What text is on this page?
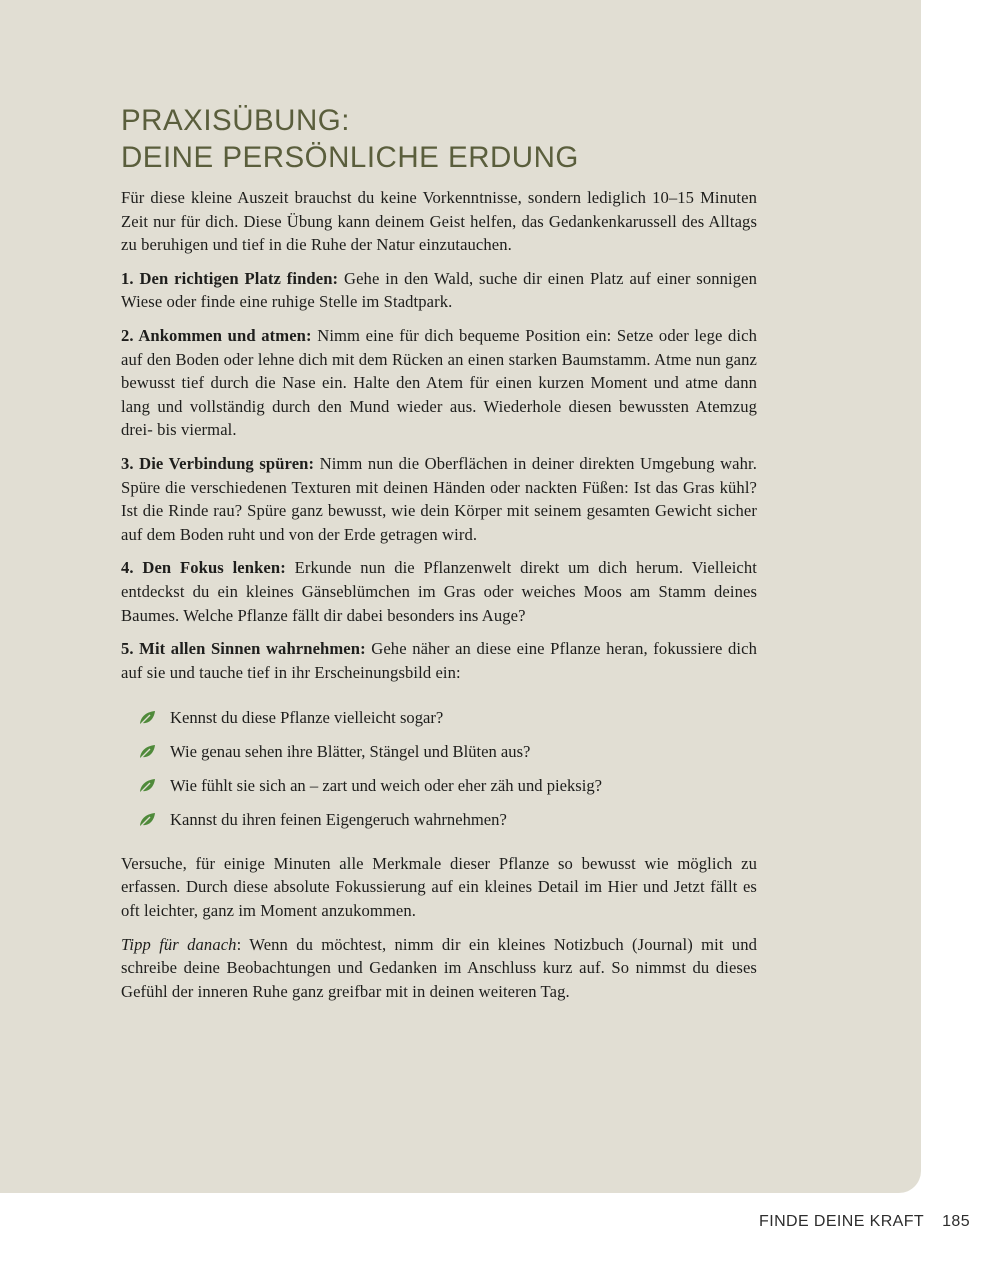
PRAXISÜBUNG:
DEINE PERSÖNLICHE ERDUNG

Für diese kleine Auszeit brauchst du keine Vorkenntnisse, sondern lediglich 10–15 Minuten Zeit nur für dich. Diese Übung kann deinem Geist helfen, das Gedankenkarussell des Alltags zu beruhigen und tief in die Ruhe der Natur einzutauchen.

1. Den richtigen Platz finden: Gehe in den Wald, suche dir einen Platz auf einer sonnigen Wiese oder finde eine ruhige Stelle im Stadtpark.

2. Ankommen und atmen: Nimm eine für dich bequeme Position ein: Setze oder lege dich auf den Boden oder lehne dich mit dem Rücken an einen starken Baumstamm. Atme nun ganz bewusst tief durch die Nase ein. Halte den Atem für einen kurzen Moment und atme dann lang und vollständig durch den Mund wieder aus. Wiederhole diesen bewussten Atemzug drei- bis viermal.

3. Die Verbindung spüren: Nimm nun die Oberflächen in deiner direkten Umgebung wahr. Spüre die verschiedenen Texturen mit deinen Händen oder nackten Füßen: Ist das Gras kühl? Ist die Rinde rau? Spüre ganz bewusst, wie dein Körper mit seinem gesamten Gewicht sicher auf dem Boden ruht und von der Erde getragen wird.

4. Den Fokus lenken: Erkunde nun die Pflanzenwelt direkt um dich herum. Vielleicht entdeckst du ein kleines Gänseblümchen im Gras oder weiches Moos am Stamm deines Baumes. Welche Pflanze fällt dir dabei besonders ins Auge?

5. Mit allen Sinnen wahrnehmen: Gehe näher an diese eine Pflanze heran, fokussiere dich auf sie und tauche tief in ihr Erscheinungsbild ein:

Kennst du diese Pflanze vielleicht sogar?
Wie genau sehen ihre Blätter, Stängel und Blüten aus?
Wie fühlt sie sich an – zart und weich oder eher zäh und pieksig?
Kannst du ihren feinen Eigengeruch wahrnehmen?

Versuche, für einige Minuten alle Merkmale dieser Pflanze so bewusst wie möglich zu erfassen. Durch diese absolute Fokussierung auf ein kleines Detail im Hier und Jetzt fällt es oft leichter, ganz im Moment anzukommen.

Tipp für danach: Wenn du möchtest, nimm dir ein kleines Notizbuch (Journal) mit und schreibe deine Beobachtungen und Gedanken im Anschluss kurz auf. So nimmst du dieses Gefühl der inneren Ruhe ganz greifbar mit in deinen weiteren Tag.

FINDE DEINE KRAFT 185
